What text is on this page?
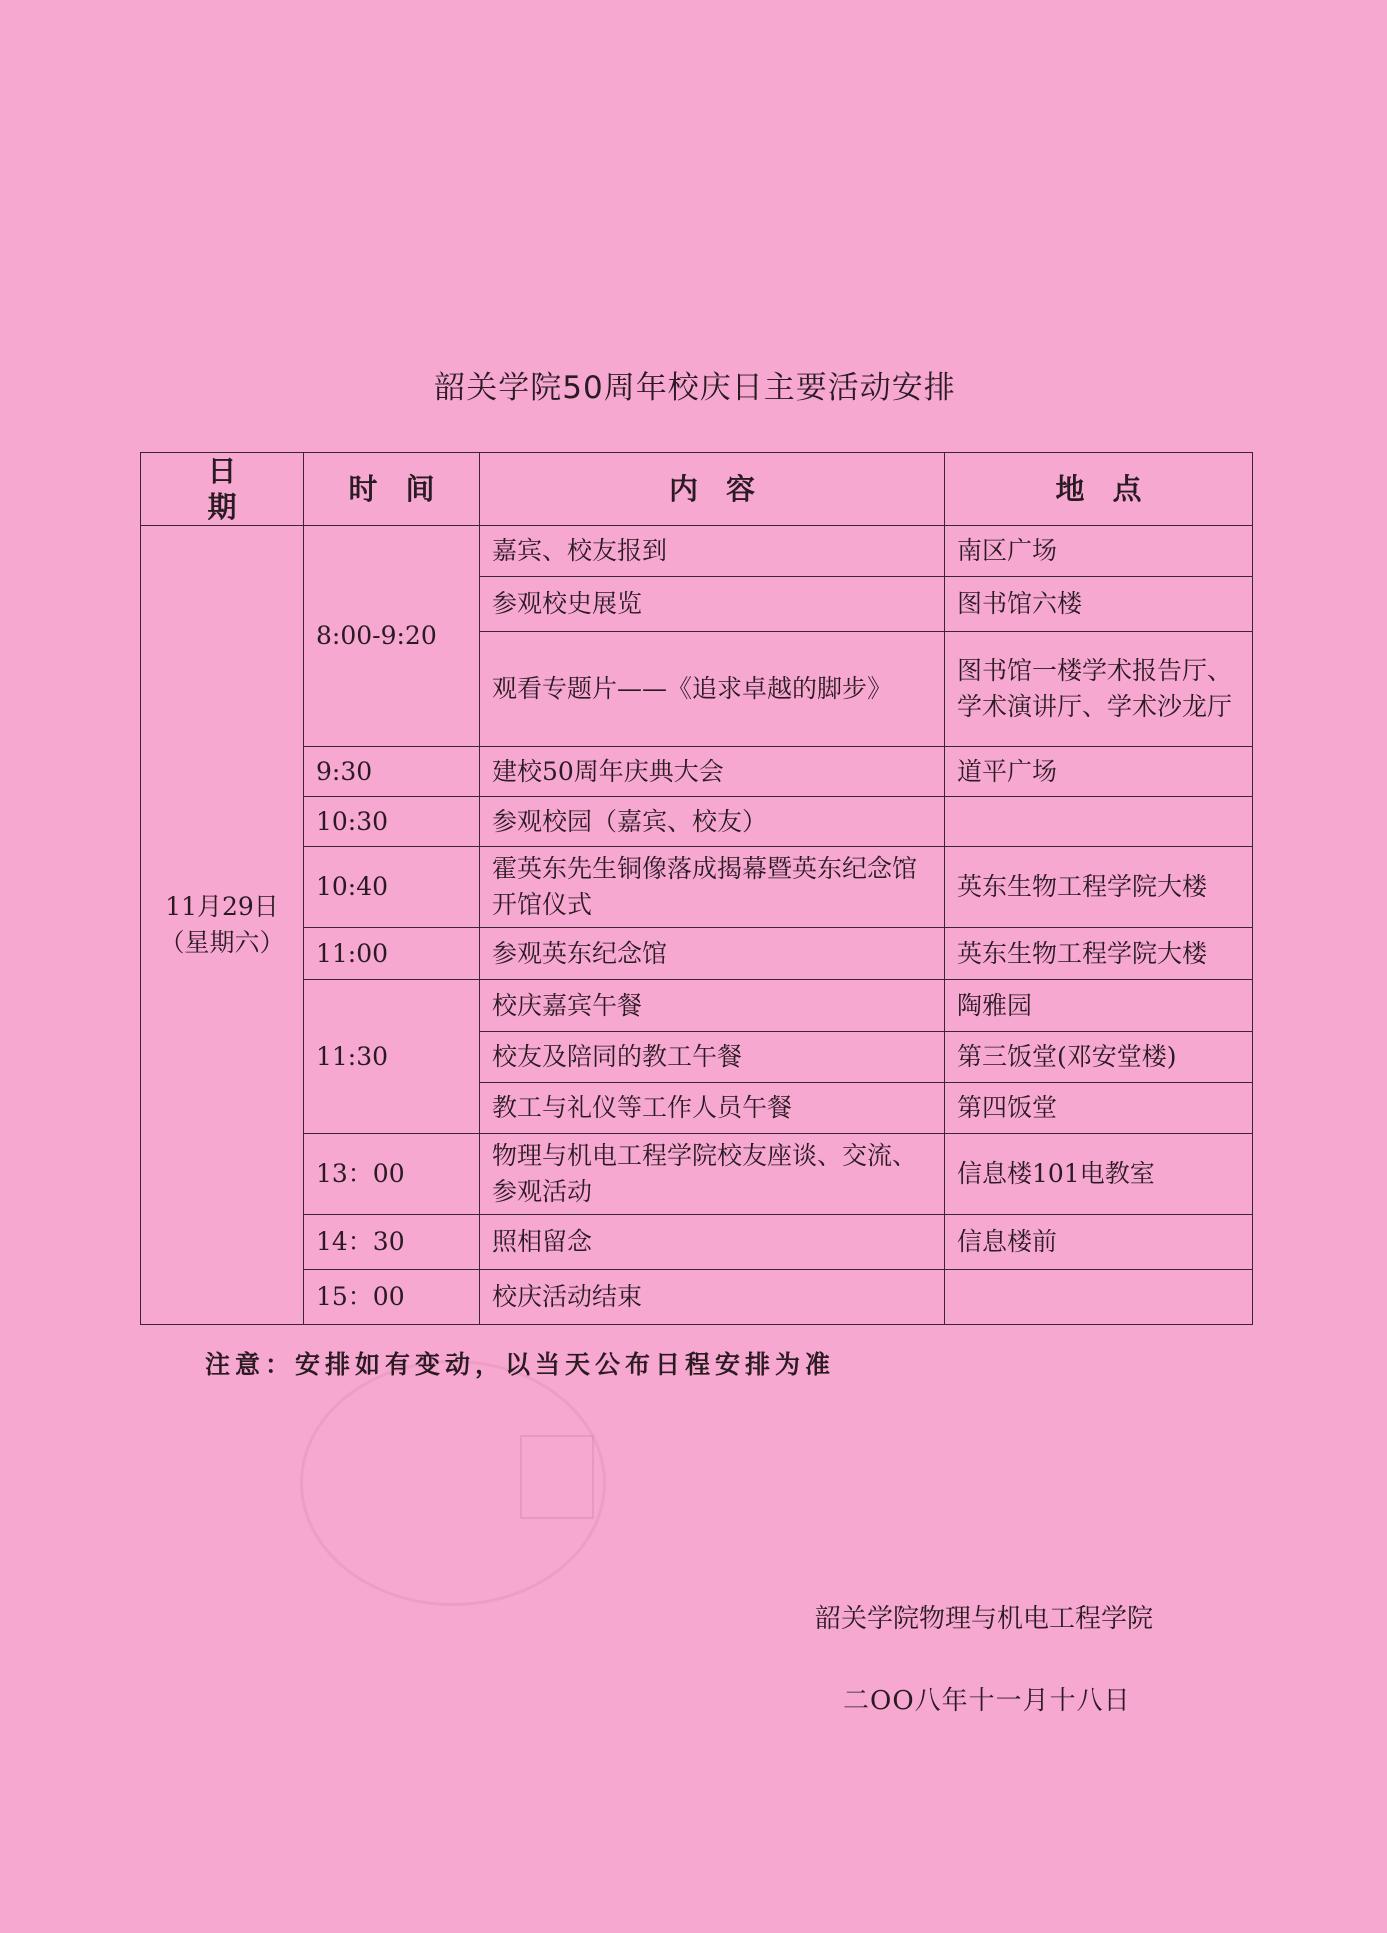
韶关学院50周年校庆日主要活动安排
日期	时间	内容	地点

11月29日
（星期六）	8:00-9:20	嘉宾、校友报到	南区广场
		参观校史展览	图书馆六楼
		观看专题片——《追求卓越的脚步》	图书馆一楼学术报告厅、学术演讲厅、学术沙龙厅
	9:30	建校50周年庆典大会	道平广场
	10:30	参观校园（嘉宾、校友）	
	10:40	霍英东先生铜像落成揭幕暨英东纪念馆开馆仪式	英东生物工程学院大楼
	11:00	参观英东纪念馆	英东生物工程学院大楼
	11:30	校庆嘉宾午餐	陶雅园
		校友及陪同的教工午餐	第三饭堂(邓安堂楼)
		教工与礼仪等工作人员午餐	第四饭堂
	13：00	物理与机电工程学院校友座谈、交流、参观活动	信息楼101电教室
	14：30	照相留念	信息楼前
	15：00	校庆活动结束	
注意：安排如有变动，以当天公布日程安排为准
韶关学院物理与机电工程学院
二OO八年十一月十八日
